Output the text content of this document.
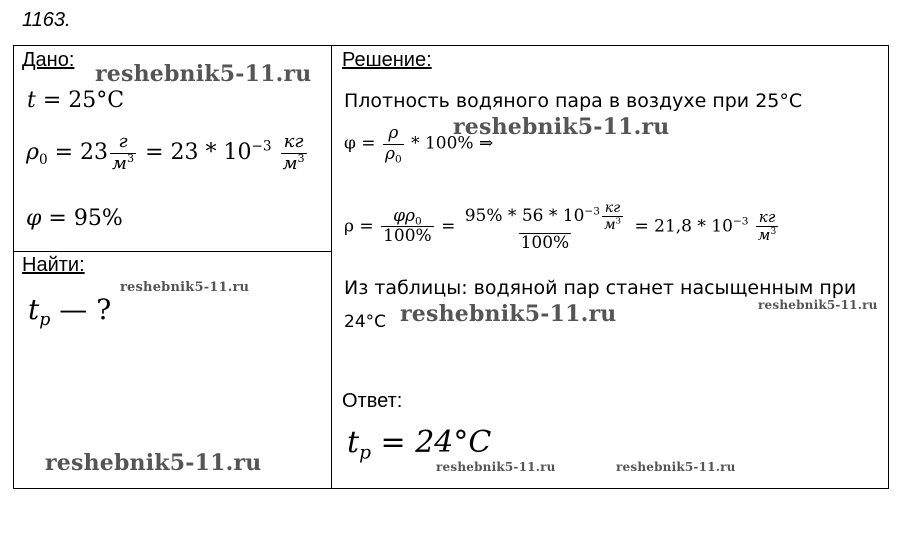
1163.
Дано:
t = 25°C
$\rho_0 = 23 \frac{г}{м^3} = 23 * 10^{-3} \frac{кг}{м^3}$
φ = 95%
Найти:
$t_р$ — ?
Решение:
Плотность водяного пара в воздухе при 25°С
$\varphi = \frac{\rho}{\rho_0} * 100\%$ ⇒
$\rho = \frac{\varphi\rho_0}{100\%} = \frac{95\% * 56 * 10^{-3} \frac{кг}{м^3}}{100\%} = 21,8 * 10^{-3} \frac{кг}{м^3}$
Из таблицы: водяной пар станет насыщенным при
24°С
Ответ:
$t_р = 24^\circ C$
reshebnik5-11.ru
reshebnik5-11.ru
reshebnik5-11.ru
reshebnik5-11.ru
reshebnik5-11.ru	reshebnik5-11.ru
reshebnik5-11.ru	reshebnik5-11.ru
